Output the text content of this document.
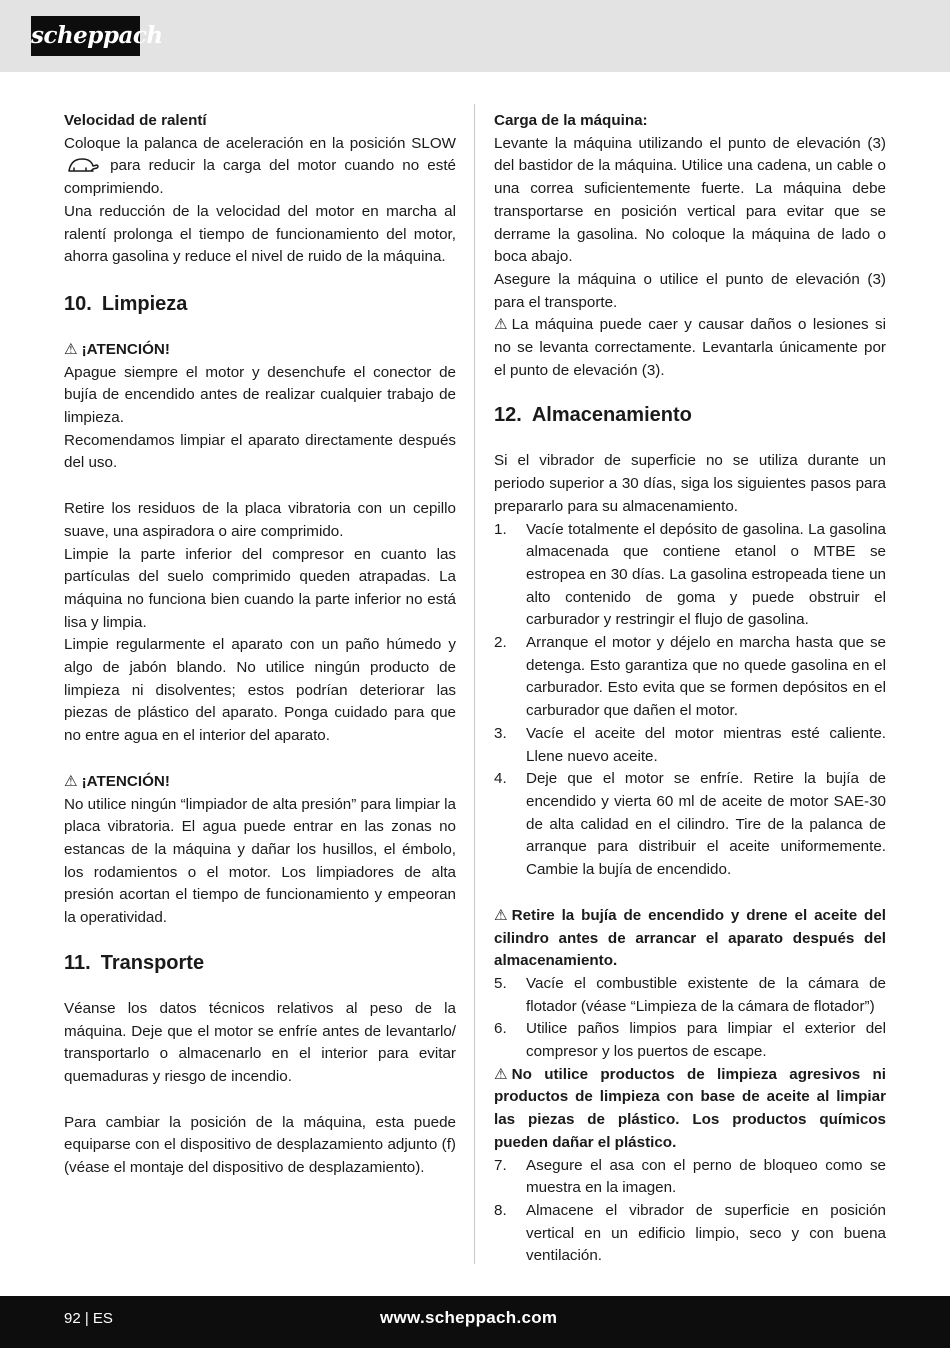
scheppach

Velocidad de ralentí

Coloque la palanca de aceleración en la posición SLOW  para reducir la carga del motor cuando no esté comprimiendo.

Una reducción de la velocidad del motor en marcha al ralentí prolonga el tiempo de funcionamiento del motor, ahorra gasolina y reduce el nivel de ruido de la máquina.

10. Limpieza

⚠ ¡ATENCIÓN!

Apague siempre el motor y desenchufe el conector de bujía de encendido antes de realizar cualquier trabajo de limpieza.

Recomendamos limpiar el aparato directamente después del uso.

Retire los residuos de la placa vibratoria con un cepillo suave, una aspiradora o aire comprimido.

Limpie la parte inferior del compresor en cuanto las partículas del suelo comprimido queden atrapadas. La máquina no funciona bien cuando la parte inferior no está lisa y limpia.

Limpie regularmente el aparato con un paño húmedo y algo de jabón blando. No utilice ningún producto de limpieza ni disolventes; estos podrían deteriorar las piezas de plástico del aparato. Ponga cuidado para que no entre agua en el interior del aparato.

⚠ ¡ATENCIÓN!

No utilice ningún “limpiador de alta presión” para limpiar la placa vibratoria. El agua puede entrar en las zonas no estancas de la máquina y dañar los husillos, el émbolo, los rodamientos o el motor. Los limpiadores de alta presión acortan el tiempo de funcionamiento y empeoran la operatividad.

11. Transporte

Véanse los datos técnicos relativos al peso de la máquina. Deje que el motor se enfríe antes de levantarlo/ transportarlo o almacenarlo en el interior para evitar quemaduras y riesgo de incendio.

Para cambiar la posición de la máquina, esta puede equiparse con el dispositivo de desplazamiento adjunto (f) (véase el montaje del dispositivo de desplazamiento).

Carga de la máquina:

Levante la máquina utilizando el punto de elevación (3) del bastidor de la máquina. Utilice una cadena, un cable o una correa suficientemente fuerte. La máquina debe transportarse en posición vertical para evitar que se derrame la gasolina. No coloque la máquina de lado o boca abajo.

Asegure la máquina o utilice el punto de elevación (3) para el transporte.

⚠ La máquina puede caer y causar daños o lesiones si no se levanta correctamente. Levantarla únicamente por el punto de elevación (3).

12. Almacenamiento

Si el vibrador de superficie no se utiliza durante un periodo superior a 30 días, siga los siguientes pasos para prepararlo para su almacenamiento.

1. Vacíe totalmente el depósito de gasolina. La gasolina almacenada que contiene etanol o MTBE se estropea en 30 días. La gasolina estropeada tiene un alto contenido de goma y puede obstruir el carburador y restringir el flujo de gasolina.
2. Arranque el motor y déjelo en marcha hasta que se detenga. Esto garantiza que no quede gasolina en el carburador. Esto evita que se formen depósitos en el carburador que dañen el motor.
3. Vacíe el aceite del motor mientras esté caliente. Llene nuevo aceite.
4. Deje que el motor se enfríe. Retire la bujía de encendido y vierta 60 ml de aceite de motor SAE-30 de alta calidad en el cilindro. Tire de la palanca de arranque para distribuir el aceite uniformemente. Cambie la bujía de encendido.

⚠ Retire la bujía de encendido y drene el aceite del cilindro antes de arrancar el aparato después del almacenamiento.

5. Vacíe el combustible existente de la cámara de flotador (véase “Limpieza de la cámara de flotador”)
6. Utilice paños limpios para limpiar el exterior del compresor y los puertos de escape.

⚠ No utilice productos de limpieza agresivos ni productos de limpieza con base de aceite al limpiar las piezas de plástico. Los productos químicos pueden dañar el plástico.

7. Asegure el asa con el perno de bloqueo como se muestra en la imagen.
8. Almacene el vibrador de superficie en posición vertical en un edificio limpio, seco y con buena ventilación.
92 | ES	www.scheppach.com
